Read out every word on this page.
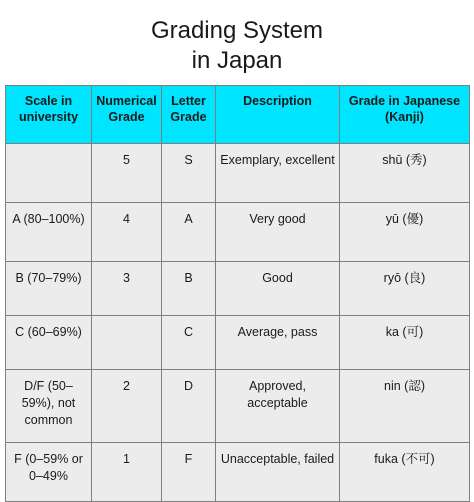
Grading System
in Japan
Scale in university	Numerical Grade	Letter Grade	Description	Grade in Japanese (Kanji)
	5	S	Exemplary, excellent	shū (秀)
A (80–100%)	4	A	Very good	yū (優)
B (70–79%)	3	B	Good	ryō (良)
C (60–69%)		C	Average, pass	ka (可)
D/F (50–59%), not common	2	D	Approved, acceptable	nin (認)
F (0–59% or 0–49%	1	F	Unacceptable, failed	fuka (不可)
